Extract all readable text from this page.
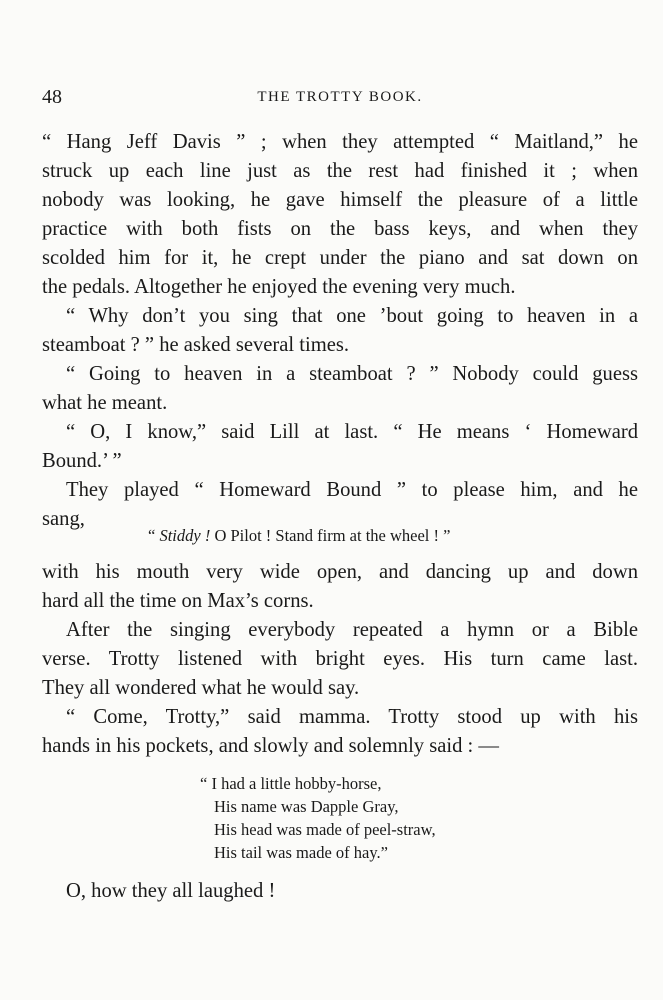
48	THE TROTTY BOOK.
“ Hang Jeff Davis ” ; when they attempted “ Maitland,” he
struck up each line just as the rest had finished it ; when
nobody was looking, he gave himself the pleasure of a little
practice with both fists on the bass keys, and when they
scolded him for it, he crept under the piano and sat down on
the pedals. Altogether he enjoyed the evening very much.
“ Why don’t you sing that one ’bout going to heaven in a
steamboat ? ” he asked several times.
“ Going to heaven in a steamboat ? ” Nobody could guess
what he meant.
“ O, I know,” said Lill at last. “ He means ‘ Homeward
Bound.’ ”
They played “ Homeward Bound ” to please him, and he
sang,
“ Stiddy ! O Pilot ! Stand firm at the wheel ! ”
with his mouth very wide open, and dancing up and down
hard all the time on Max’s corns.
After the singing everybody repeated a hymn or a Bible
verse. Trotty listened with bright eyes. His turn came last.
They all wondered what he would say.
“ Come, Trotty,” said mamma. Trotty stood up with his
hands in his pockets, and slowly and solemnly said : —
“ I had a little hobby-horse,
His name was Dapple Gray,
His head was made of peel-straw,
His tail was made of hay.”
O, how they all laughed !
